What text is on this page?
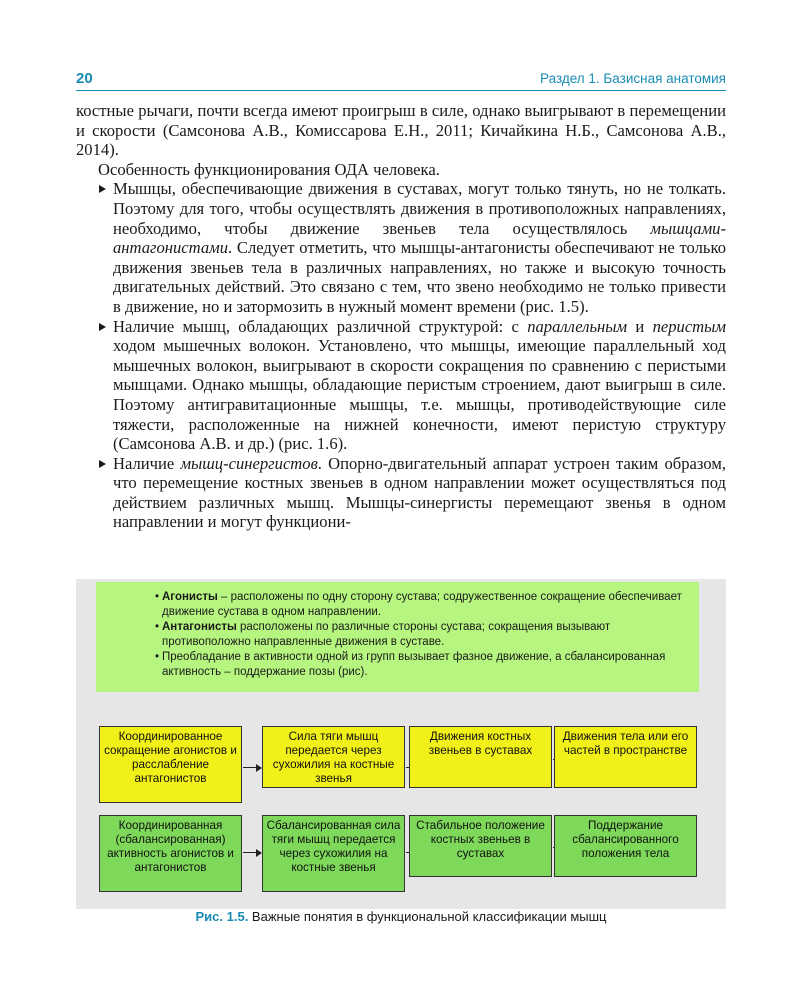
20	Раздел 1. Базисная анатомия

костные рычаги, почти всегда имеют проигрыш в силе, однако выигрывают в перемещении и скорости (Самсонова А.В., Комиссарова Е.Н., 2011; Кичайкина Н.Б., Самсонова А.В., 2014).

Особенность функционирования ОДА человека.

Мышцы, обеспечивающие движения в суставах, могут только тянуть, но не толкать. Поэтому для того, чтобы осуществлять движения в противоположных направлениях, необходимо, чтобы движение звеньев тела осуществлялось мышцами-антагонистами. Следует отметить, что мышцы-антагонисты обеспечивают не только движения звеньев тела в различных направлениях, но также и высокую точность двигательных действий. Это связано с тем, что звено необходимо не только привести в движение, но и затормозить в нужный момент времени (рис. 1.5).

Наличие мышц, обладающих различной структурой: с параллельным и перистым ходом мышечных волокон. Установлено, что мышцы, имеющие параллельный ход мышечных волокон, выигрывают в скорости сокращения по сравнению с перистыми мышцами. Однако мышцы, обладающие перистым строением, дают выигрыш в силе. Поэтому антигравитационные мышцы, т.е. мышцы, противодействующие силе тяжести, расположенные на нижней конечности, имеют перистую структуру (Самсонова А.В. и др.) (рис. 1.6).

Наличие мышц-синергистов. Опорно-двигательный аппарат устроен таким образом, что перемещение костных звеньев в одном направлении может осуществляться под действием различных мышц. Мышцы-синергисты перемещают звенья в одном направлении и могут функциони-

• Агонисты – расположены по одну сторону сустава; содружественное сокращение обеспечивает движение сустава в одном направлении.
• Антагонисты расположены по различные стороны сустава; сокращения вызывают противоположно направленные движения в суставе.
• Преобладание в активности одной из групп вызывает фазное движение, а сбалансированная активность – поддержание позы (рис).
Координированное сокращение агонистов и расслабление антагонистов
Сила тяги мышц передается через сухожилия на костные звенья
Движения костных звеньев в суставах
Движения тела или его частей в пространстве
Координированная (сбалансированная) активность агонистов и антагонистов
Сбалансированная сила тяги мышц передается через сухожилия на костные звенья
Стабильное положение костных звеньев в суставах
Поддержание сбалансированного положения тела
Рис. 1.5. Важные понятия в функциональной классификации мышц
